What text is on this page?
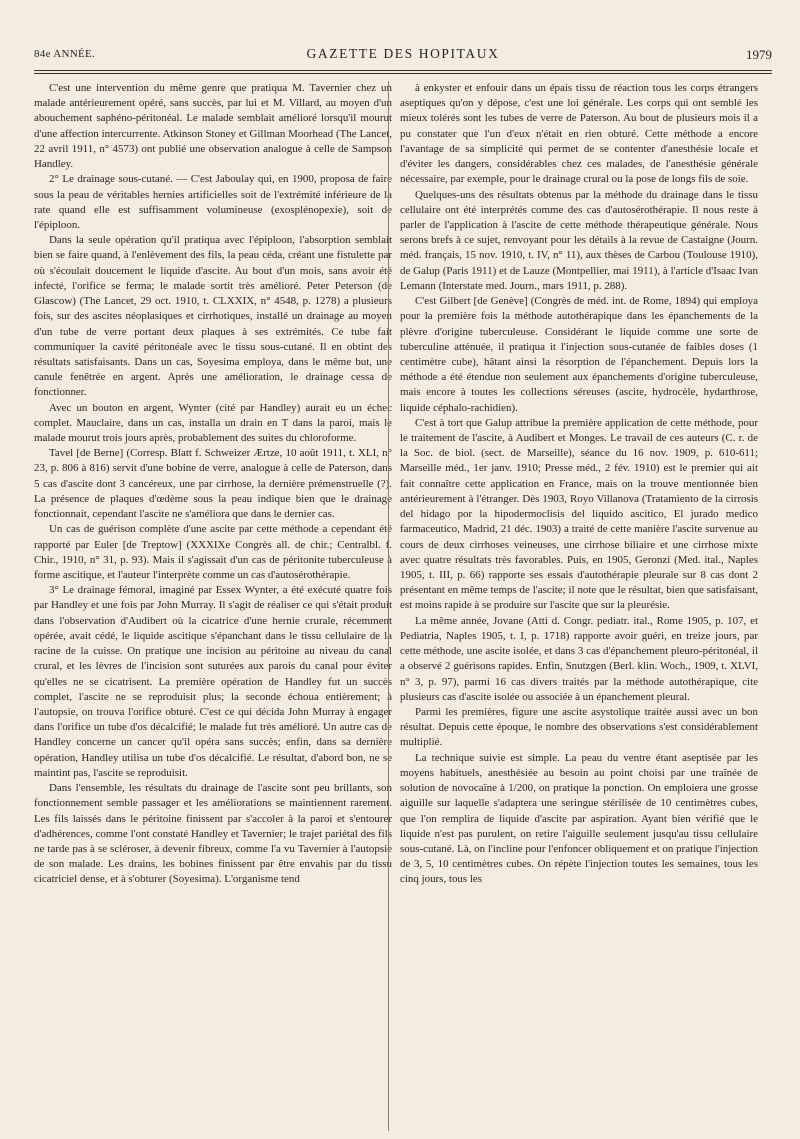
84e ANNÉE.	GAZETTE DES HOPITAUX	1979

C'est une intervention du même genre que pratiqua M. Tavernier chez un malade antérieurement opéré, sans succès, par lui et M. Villard, au moyen d'un abouchement saphéno-péritonéal. Le malade semblait amélioré lorsqu'il mourut d'une affection intercurrente. Atkinson Stoney et Gillman Moorhead (The Lancet, 22 avril 1911, n° 4573) ont publié une observation analogue à celle de Sampson Handley.

2° Le drainage sous-cutané. — C'est Jaboulay qui, en 1900, proposa de faire sous la peau de véritables hernies artificielles soit de l'extrémité inférieure de la rate quand elle est suffisamment volumineuse (exosplénopexie), soit de l'épiploon.

Dans la seule opération qu'il pratiqua avec l'épiploon, l'absorption semblait bien se faire quand, à l'enlèvement des fils, la peau céda, créant une fistulette par où s'écoulait doucement le liquide d'ascite. Au bout d'un mois, sans avoir été infecté, l'orifice se ferma; le malade sortit très amélioré. Peter Peterson (de Glascow) (The Lancet, 29 oct. 1910, t. CLXXIX, n° 4548, p. 1278) a plusieurs fois, sur des ascites néoplasiques et cirrhotiques, installé un drainage au moyen d'un tube de verre portant deux plaques à ses extrémités. Ce tube fait communiquer la cavité péritonéale avec le tissu sous-cutané. Il en obtint des résultats satisfaisants. Dans un cas, Soyesima employa, dans le même but, une canule fenêtrée en argent. Après une amélioration, le drainage cessa de fonctionner.

Avec un bouton en argent, Wynter (cité par Handley) aurait eu un échec complet. Mauclaire, dans un cas, installa un drain en T dans la paroi, mais le malade mourut trois jours après, probablement des suites du chloroforme.

Tavel [de Berne] (Corresp. Blatt f. Schweizer Ærtze, 10 août 1911, t. XLI, n° 23, p. 806 à 816) servit d'une bobine de verre, analogue à celle de Paterson, dans 5 cas d'ascite dont 3 cancéreux, une par cirrhose, la dernière prémenstruelle (?). La présence de plaques d'œdème sous la peau indique bien que le drainage fonctionnait, cependant l'ascite ne s'améliora que dans le dernier cas.

Un cas de guérison complète d'une ascite par cette méthode a cependant été rapporté par Euler [de Treptow] (XXXIXe Congrès all. de chir.; Centralbl. f. Chir., 1910, n° 31, p. 93). Mais il s'agissait d'un cas de péritonite tuberculeuse à forme ascitique, et l'auteur l'interprète comme un cas d'autosérothérapie.

3° Le drainage fémoral, imaginé par Essex Wynter, a été exécuté quatre fois par Handley et une fois par John Murray. Il s'agit de réaliser ce qui s'était produit dans l'observation d'Audibert où la cicatrice d'une hernie crurale, récemment opérée, avait cédé, le liquide ascitique s'épanchant dans le tissu cellulaire de la racine de la cuisse. On pratique une incision au péritoine au niveau du canal crural, et les lèvres de l'incision sont suturées aux parois du canal pour éviter qu'elles ne se cicatrisent. La première opération de Handley fut un succès complet, l'ascite ne se reproduisit plus; la seconde échoua entièrement; à l'autopsie, on trouva l'orifice obturé. C'est ce qui décida John Murray à engager dans l'orifice un tube d'os décalcifié; le malade fut très amélioré. Un autre cas de Handley concerne un cancer qu'il opéra sans succès; enfin, dans sa dernière opération, Handley utilisa un tube d'os décalcifié. Le résultat, d'abord bon, ne se maintint pas, l'ascite se reproduisit.

Dans l'ensemble, les résultats du drainage de l'ascite sont peu brillants, son fonctionnement semble passager et les améliorations se maintiennent rarement. Les fils laissés dans le péritoine finissent par s'accoler à la paroi et s'entourer d'adhérences, comme l'ont constaté Handley et Tavernier; le trajet pariétal des fils ne tarde pas à se scléroser, à devenir fibreux, comme l'a vu Tavernier à l'autopsie de son malade. Les drains, les bobines finissent par être envahis par du tissu cicatriciel dense, et à s'obturer (Soyesima). L'organisme tend

à enkyster et enfouir dans un épais tissu de réaction tous les corps étrangers aseptiques qu'on y dépose, c'est une loi générale. Les corps qui ont semblé les mieux tolérés sont les tubes de verre de Paterson. Au bout de plusieurs mois il a pu constater que l'un d'eux n'était en rien obturé. Cette méthode a encore l'avantage de sa simplicité qui permet de se contenter d'anesthésie locale et d'éviter les dangers, considérables chez ces malades, de l'anesthésie générale nécessaire, par exemple, pour le drainage crural ou la pose de longs fils de soie.

Quelques-uns des résultats obtenus par la méthode du drainage dans le tissu cellulaire ont été interprétés comme des cas d'autosérothérapie. Il nous reste à parler de l'application à l'ascite de cette méthode thérapeutique générale. Nous serons brefs à ce sujet, renvoyant pour les détails à la revue de Castaigne (Journ. méd. français, 15 nov. 1910, t. IV, n° 11), aux thèses de Carbou (Toulouse 1910), de Galup (Paris 1911) et de Lauze (Montpellier, mai 1911), à l'article d'Isaac Ivan Lemann (Interstate med. Journ., mars 1911, p. 288).

C'est Gilbert [de Genève] (Congrès de méd. int. de Rome, 1894) qui employa pour la première fois la méthode autothérapique dans les épanchements de la plèvre d'origine tuberculeuse. Considérant le liquide comme une sorte de tuberculine atténuée, il pratiqua it l'injection sous-cutanée de faibles doses (1 centimètre cube), hâtant ainsi la résorption de l'épanchement. Depuis lors la méthode a été étendue non seulement aux épanchements d'origine tuberculeuse, mais encore à toutes les collections séreuses (ascite, hydrocèle, hydarthrose, liquide céphalo-rachidien).

C'est à tort que Galup attribue la première application de cette méthode, pour le traitement de l'ascite, à Audibert et Monges. Le travail de ces auteurs (C. r. de la Soc. de biol. (sect. de Marseille), séance du 16 nov. 1909, p. 610-611; Marseille méd., 1er janv. 1910; Presse méd., 2 fév. 1910) est le premier qui ait fait connaître cette application en France, mais on la trouve mentionnée bien antérieurement à l'étranger. Dès 1903, Royo Villanova (Tratamiento de la cirrosis del hidago por la hipodermoclisis del liquido ascitico, El jurado medico farmaceutico, Madrid, 21 déc. 1903) a traité de cette manière l'ascite survenue au cours de deux cirrhoses veineuses, une cirrhose biliaire et une cirrhose mixte avec quatre résultats très favorables. Puis, en 1905, Geronzi (Med. ital., Naples 1905, t. III, p. 66) rapporte ses essais d'autothérapie pleurale sur 8 cas dont 2 présentant en même temps de l'ascite; il note que le résultat, bien que satisfaisant, est moins rapide à se produire sur l'ascite que sur la pleurésie.

La même année, Jovane (Atti d. Congr. pediatr. ital., Rome 1905, p. 107, et Pediatria, Naples 1905, t. I, p. 1718) rapporte avoir guéri, en treize jours, par cette méthode, une ascite isolée, et dans 3 cas d'épanchement pleuro-péritonéal, il a observé 2 guérisons rapides. Enfin, Snutzgen (Berl. klin. Woch., 1909, t. XLVI, n° 3, p. 97), parmi 16 cas divers traités par la méthode autothérapique, cite plusieurs cas d'ascite isolée ou associée à un épanchement pleural.

Parmi les premières, figure une ascite asystolique traitée aussi avec un bon résultat. Depuis cette époque, le nombre des observations s'est considérablement multiplié.

La technique suivie est simple. La peau du ventre étant aseptisée par les moyens habituels, anesthésiée au besoin au point choisi par une traînée de solution de novocaïne à 1/200, on pratique la ponction. On emploiera une grosse aiguille sur laquelle s'adaptera une seringue stérilisée de 10 centimètres cubes, que l'on remplira de liquide d'ascite par aspiration. Ayant bien vérifié que le liquide n'est pas purulent, on retire l'aiguille seulement jusqu'au tissu cellulaire sous-cutané. Là, on l'incline pour l'enfoncer obliquement et on pratique l'injection de 3, 5, 10 centimètres cubes. On répète l'injection toutes les semaines, tous les cinq jours, tous les
